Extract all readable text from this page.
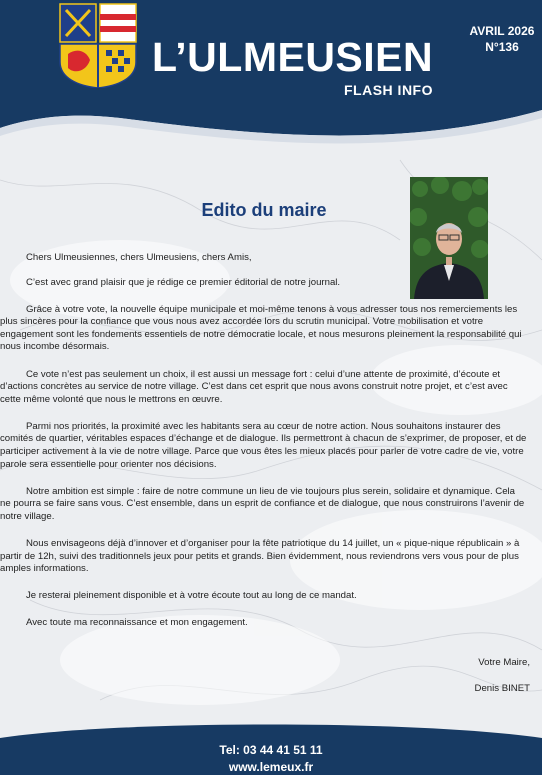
L’ULMEUSIEN
FLASH INFO
AVRIL 2026
N°136
Edito du maire

Chers Ulmeusiennes, chers Ulmeusiens, chers Amis,

C’est avec grand plaisir que je rédige ce premier éditorial de notre journal.

Grâce à votre vote, la nouvelle équipe municipale et moi-même tenons à vous adresser tous nos remerciements les plus sincères pour la confiance que vous nous avez accordée lors du scrutin municipal. Votre mobilisation et votre engagement sont les fondements essentiels de notre démocratie locale, et nous mesurons pleinement la responsabilité qui nous incombe désormais.

Ce vote n’est pas seulement un choix, il est aussi un message fort : celui d’une attente de proximité, d’écoute et d’actions concrètes au service de notre village. C’est dans cet esprit que nous avons construit notre projet, et c’est avec cette même volonté que nous le mettrons en œuvre.

Parmi nos priorités, la proximité avec les habitants sera au cœur de notre action. Nous souhaitons instaurer des comités de quartier, véritables espaces d’échange et de dialogue. Ils permettront à chacun de s’exprimer, de proposer, et de participer activement à la vie de notre village. Parce que vous êtes les mieux placés pour parler de votre cadre de vie, votre parole sera essentielle pour orienter nos décisions.

Notre ambition est simple : faire de notre commune un lieu de vie toujours plus serein, solidaire et dynamique. Cela ne pourra se faire sans vous. C’est ensemble, dans un esprit de confiance et de dialogue, que nous construirons l’avenir de notre village.

Nous envisageons déjà d’innover et d’organiser pour la fête patriotique du 14 juillet, un « pique-nique républicain » à partir de 12h, suivi des traditionnels jeux pour petits et grands. Bien évidemment, nous reviendrons vers vous pour de plus amples informations.

Je resterai pleinement disponible et à votre écoute tout au long de ce mandat.

Avec toute ma reconnaissance et mon engagement.

Votre Maire,
Denis BINET
Tel: 03 44 41 51 11
www.lemeux.fr
